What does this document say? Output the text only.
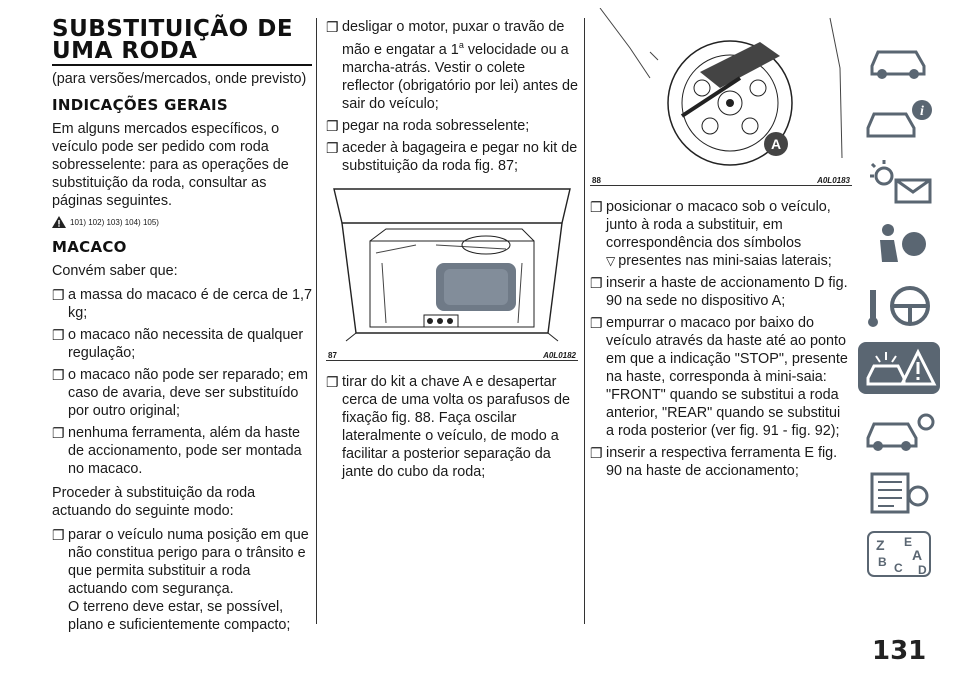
SUBSTITUIÇÃO DE
UMA RODA

(para versões/mercados, onde previsto)

INDICAÇÕES GERAIS

Em alguns mercados específicos, o veículo pode ser pedido com roda sobresselente: para as operações de substituição da roda, consultar as páginas seguintes.

101) 102) 103) 104) 105)
MACACO

Convém saber que:

❐ a massa do macaco é de cerca de 1,7 kg;
❐ o macaco não necessita de qualquer regulação;
❐ o macaco não pode ser reparado; em caso de avaria, deve ser substituído por outro original;
❐ nenhuma ferramenta, além da haste de accionamento, pode ser montada no macaco.

Proceder à substituição da roda actuando do seguinte modo:

❐ parar o veículo numa posição em que não constitua perigo para o trânsito e que permita substituir a roda actuando com segurança.
O terreno deve estar, se possível, plano e suficientemente compacto;
❐ desligar o motor, puxar o travão de mão e engatar a 1$^a$ velocidade ou a marcha-atrás. Vestir o colete reflector (obrigatório por lei) antes de sair do veículo;
❐ pegar na roda sobresselente;
❐ aceder à bagageira e pegar no kit de substituição da roda fig. 87;
87	A0L0182
❐ tirar do kit a chave A e desapertar cerca de uma volta os parafusos de fixação fig. 88. Faça oscilar lateralmente o veículo, de modo a facilitar a posterior separação da jante do cubo da roda;
A
88	A0L0183
❐ posicionar o macaco sob o veículo, junto à roda a substituir, em correspondência dos símbolos
▽ presentes nas mini-saias laterais;
❐ inserir a haste de accionamento D fig. 90 na sede no dispositivo A;
❐ empurrar o macaco por baixo do veículo através da haste até ao ponto em que a indicação "STOP", presente na haste, corresponda à mini-saia: "FRONT" quando se substitui a roda anterior, "REAR" quando se substitui a roda posterior (ver fig. 91 - fig. 92);
❐ inserir a respectiva ferramenta E fig. 90 na haste de accionamento;
i
Z E
A
B C D
131
